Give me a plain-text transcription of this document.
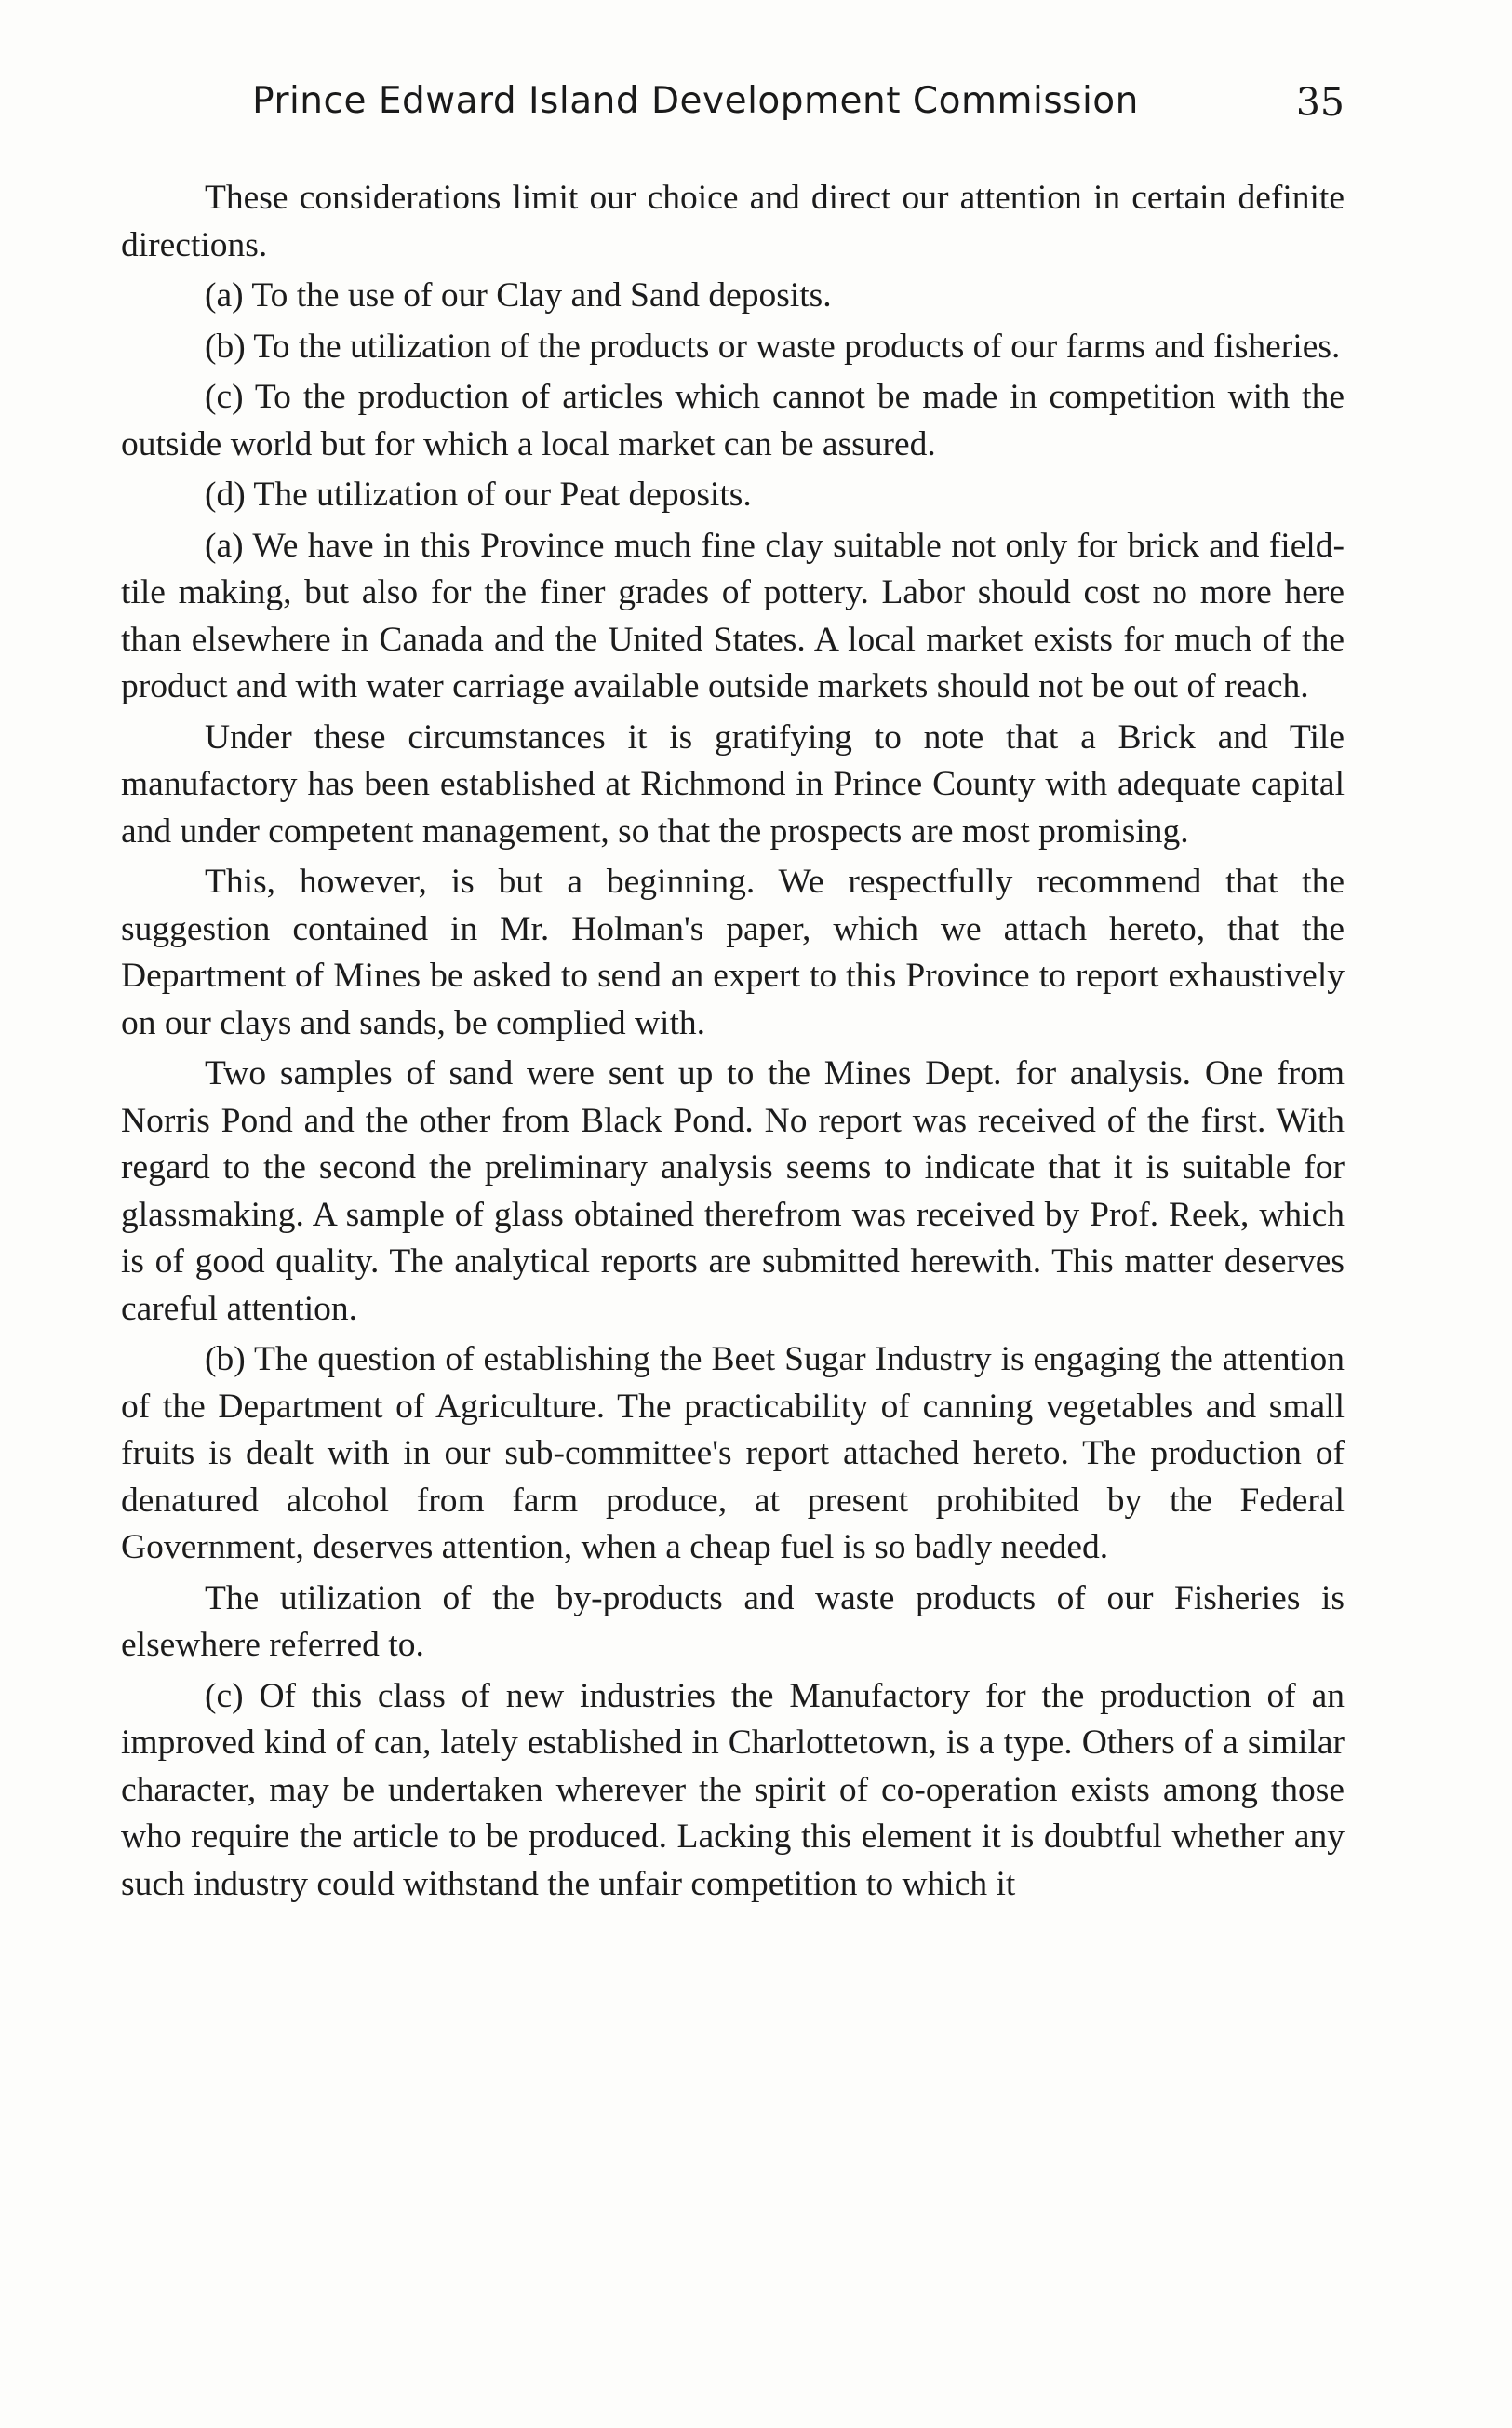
Prince Edward Island Development Commission	35

These considerations limit our choice and direct our attention in certain definite directions.

(a) To the use of our Clay and Sand deposits.

(b) To the utilization of the products or waste products of our farms and fisheries.

(c) To the production of articles which cannot be made in competition with the outside world but for which a local market can be assured.

(d) The utilization of our Peat deposits.

(a) We have in this Province much fine clay suitable not only for brick and field-tile making, but also for the finer grades of pottery. Labor should cost no more here than elsewhere in Canada and the United States. A local market exists for much of the product and with water carriage available outside markets should not be out of reach.

Under these circumstances it is gratifying to note that a Brick and Tile manufactory has been established at Richmond in Prince County with adequate capital and under competent management, so that the prospects are most promising.

This, however, is but a beginning. We respectfully recommend that the suggestion contained in Mr. Holman's paper, which we attach hereto, that the Department of Mines be asked to send an expert to this Province to report exhaustively on our clays and sands, be complied with.

Two samples of sand were sent up to the Mines Dept. for analysis. One from Norris Pond and the other from Black Pond. No report was received of the first. With regard to the second the preliminary analysis seems to indicate that it is suitable for glassmaking. A sample of glass obtained therefrom was received by Prof. Reek, which is of good quality. The analytical reports are submitted herewith. This matter deserves careful attention.

(b) The question of establishing the Beet Sugar Industry is engaging the attention of the Department of Agriculture. The practicability of canning vegetables and small fruits is dealt with in our sub-committee's report attached hereto. The production of denatured alcohol from farm produce, at present prohibited by the Federal Government, deserves attention, when a cheap fuel is so badly needed.

The utilization of the by-products and waste products of our Fisheries is elsewhere referred to.

(c) Of this class of new industries the Manufactory for the production of an improved kind of can, lately established in Charlottetown, is a type. Others of a similar character, may be undertaken wherever the spirit of co-operation exists among those who require the article to be produced. Lacking this element it is doubtful whether any such industry could withstand the unfair competition to which it
